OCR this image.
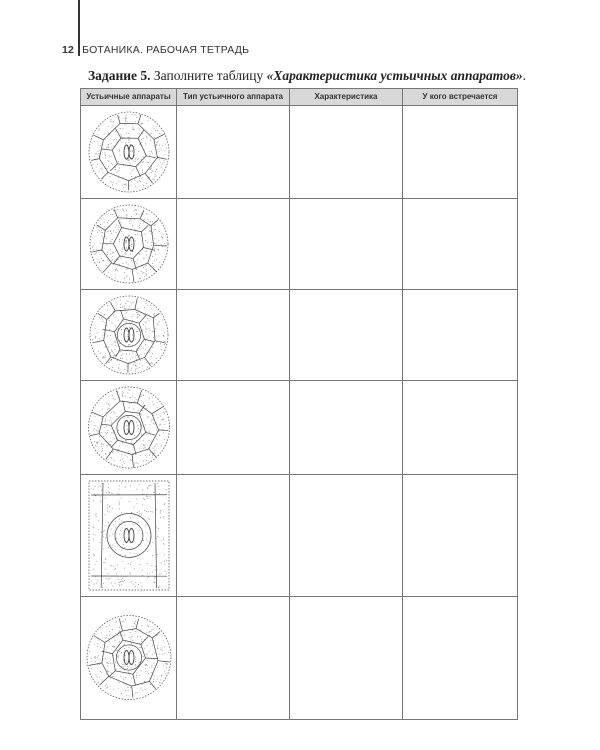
12 БОТАНИКА. РАБОЧАЯ ТЕТРАДЬ
Задание 5. Заполните таблицу «Характеристика устьичных аппаратов».
Устьичные аппараты	Тип устьичного аппарата	Характеристика	У кого встречается
